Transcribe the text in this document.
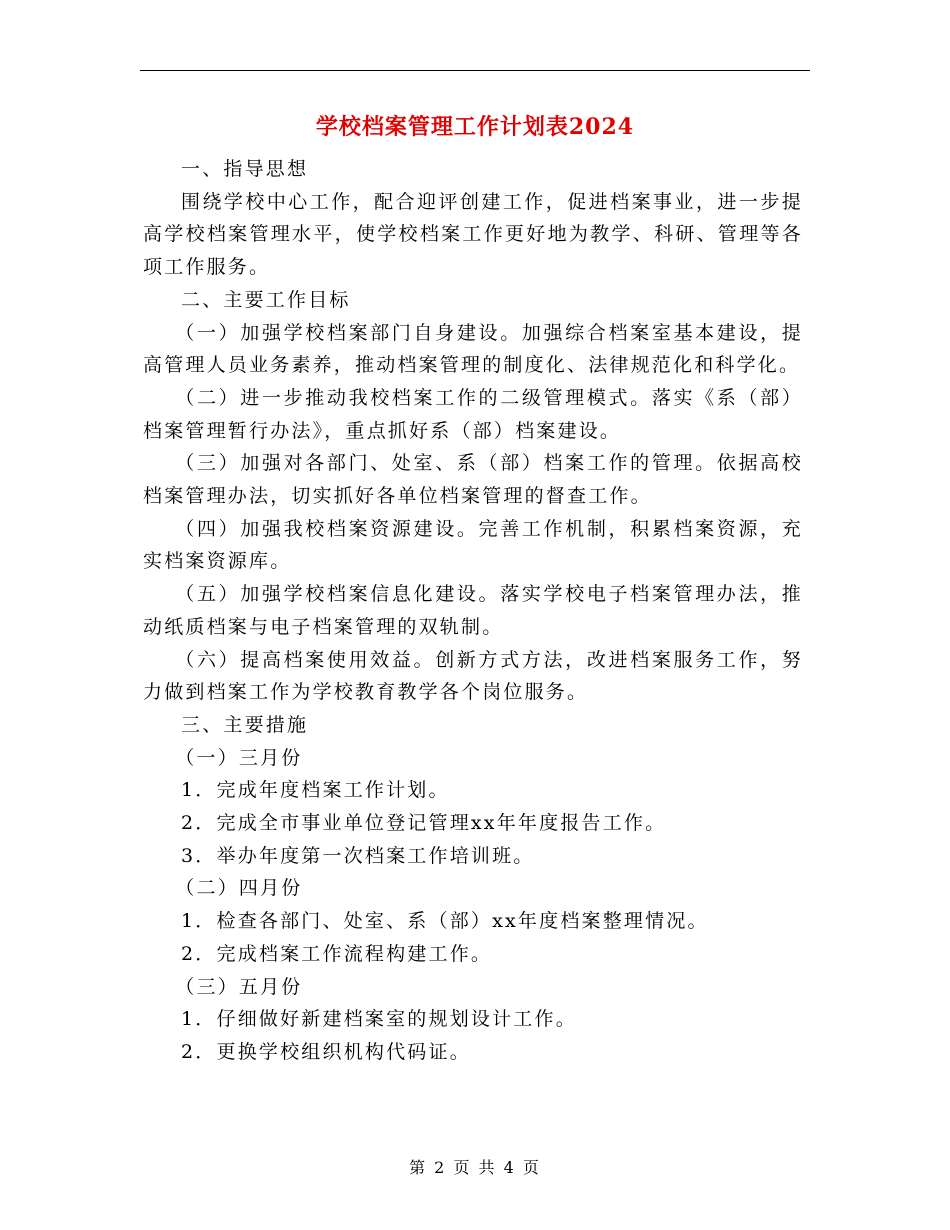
学校档案管理工作计划表2024

一、指导思想

围绕学校中心工作，配合迎评创建工作，促进档案事业，进一步提高学校档案管理水平，使学校档案工作更好地为教学、科研、管理等各项工作服务。

二、主要工作目标

（一）加强学校档案部门自身建设。加强综合档案室基本建设，提高管理人员业务素养，推动档案管理的制度化、法律规范化和科学化。

（二）进一步推动我校档案工作的二级管理模式。落实《系（部）档案管理暂行办法》，重点抓好系（部）档案建设。

（三）加强对各部门、处室、系（部）档案工作的管理。依据高校档案管理办法，切实抓好各单位档案管理的督查工作。

（四）加强我校档案资源建设。完善工作机制，积累档案资源，充实档案资源库。

（五）加强学校档案信息化建设。落实学校电子档案管理办法，推动纸质档案与电子档案管理的双轨制。

（六）提高档案使用效益。创新方式方法，改进档案服务工作，努力做到档案工作为学校教育教学各个岗位服务。

三、主要措施

（一）三月份

1．完成年度档案工作计划。

2．完成全市事业单位登记管理xx年年度报告工作。

3．举办年度第一次档案工作培训班。

（二）四月份

1．检查各部门、处室、系（部）xx年度档案整理情况。

2．完成档案工作流程构建工作。

（三）五月份

1．仔细做好新建档案室的规划设计工作。

2．更换学校组织机构代码证。

第 2 页 共 4 页
